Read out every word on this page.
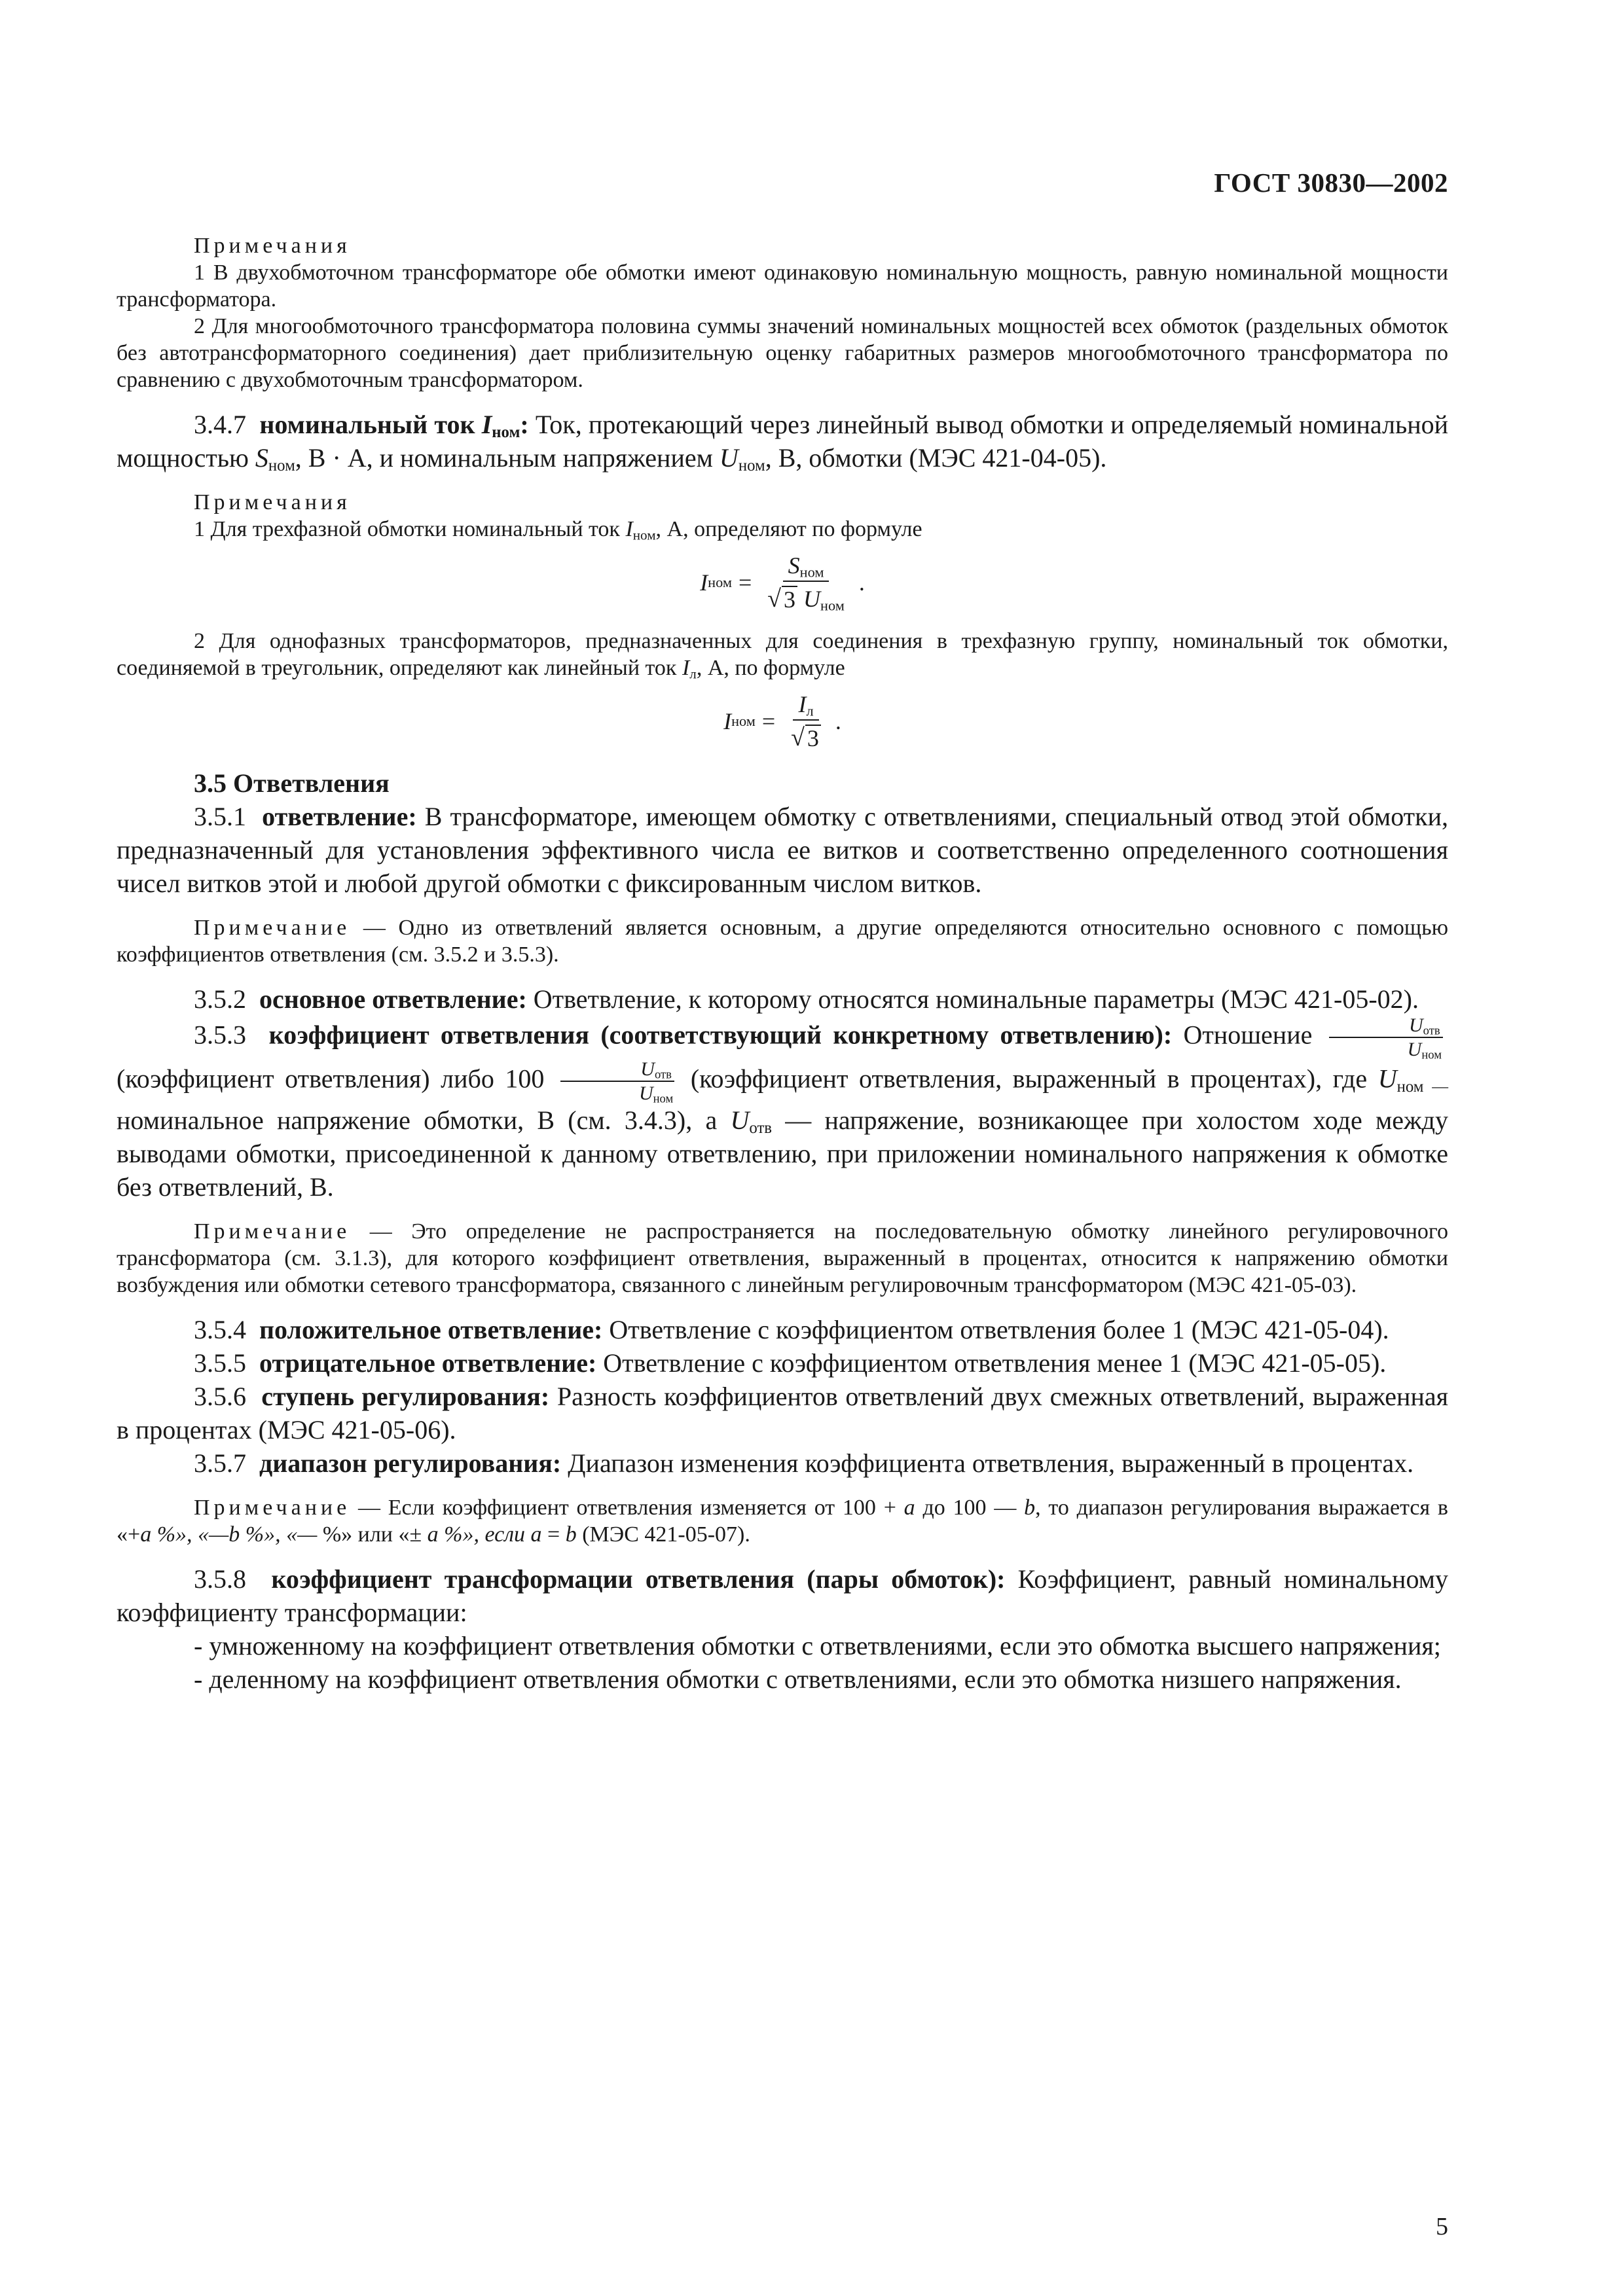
ГОСТ 30830—2002

Примечания

1 В двухобмоточном трансформаторе обе обмотки имеют одинаковую номинальную мощность, равную номинальной мощности трансформатора.

2 Для многообмоточного трансформатора половина суммы значений номинальных мощностей всех обмоток (раздельных обмоток без автотрансформаторного соединения) дает приблизительную оценку габаритных размеров многообмоточного трансформатора по сравнению с двухобмоточным трансформатором.

3.4.7 номинальный ток $I_{ном}$: Ток, протекающий через линейный вывод обмотки и определяемый номинальной мощностью $S_{ном}$, В · А, и номинальным напряжением $U_{ном}$, В, обмотки (МЭС 421-04-05).

Примечания

1 Для трехфазной обмотки номинальный ток $I_{ном}$, А, определяют по формуле

I ном = $\frac{S_{ном}}{√ 3 U_{ном}}$ .

2 Для однофазных трансформаторов, предназначенных для соединения в трехфазную группу, номинальный ток обмотки, соединяемой в треугольник, определяют как линейный ток $I_л$, А, по формуле

I ном = $\frac{I_л}{√ 3}$ .

3.5 Ответвления

3.5.1 ответвление: В трансформаторе, имеющем обмотку с ответвлениями, специальный отвод этой обмотки, предназначенный для установления эффективного числа ее витков и соответственно определенного соотношения чисел витков этой и любой другой обмотки с фиксированным числом витков.

Примечание — Одно из ответвлений является основным, а другие определяются относительно основного с помощью коэффициентов ответвления (см. 3.5.2 и 3.5.3).

3.5.2 основное ответвление: Ответвление, к которому относятся номинальные параметры (МЭС 421-05-02).

3.5.3 коэффициент ответвления (соответствующий конкретному ответвлению): Отношение $\frac{U_{отв}}{U_{ном}}$
(коэффициент ответвления) либо $100 \frac{U_{отв}}{U_{ном}}$ (коэффициент ответвления, выраженный в процентах), где $U_{ном —}$ номинальное напряжение обмотки, В (см. 3.4.3), а $U_{отв}$ — напряжение, возникающее при холостом ходе между выводами обмотки, присоединенной к данному ответвлению, при приложении номинального напряжения к обмотке без ответвлений, В.

Примечание — Это определение не распространяется на последовательную обмотку линейного регулировочного трансформатора (см. 3.1.3), для которого коэффициент ответвления, выраженный в процентах, относится к напряжению обмотки возбуждения или обмотки сетевого трансформатора, связанного с линейным регулировочным трансформатором (МЭС 421-05-03).

3.5.4 положительное ответвление: Ответвление с коэффициентом ответвления более 1 (МЭС 421-05-04).

3.5.5 отрицательное ответвление: Ответвление с коэффициентом ответвления менее 1 (МЭС 421-05-05).

3.5.6 ступень регулирования: Разность коэффициентов ответвлений двух смежных ответвлений, выраженная в процентах (МЭС 421-05-06).

3.5.7 диапазон регулирования: Диапазон изменения коэффициента ответвления, выраженный в процентах.

Примечание — Если коэффициент ответвления изменяется от 100 + a до 100 — b, то диапазон регулирования выражается в «+a %», «—b %», «— %» или «± a %», если a = b (МЭС 421-05-07).

3.5.8 коэффициент трансформации ответвления (пары обмоток): Коэффициент, равный номинальному коэффициенту трансформации:

- умноженному на коэффициент ответвления обмотки с ответвлениями, если это обмотка высшего напряжения;

- деленному на коэффициент ответвления обмотки с ответвлениями, если это обмотка низшего напряжения.

5
